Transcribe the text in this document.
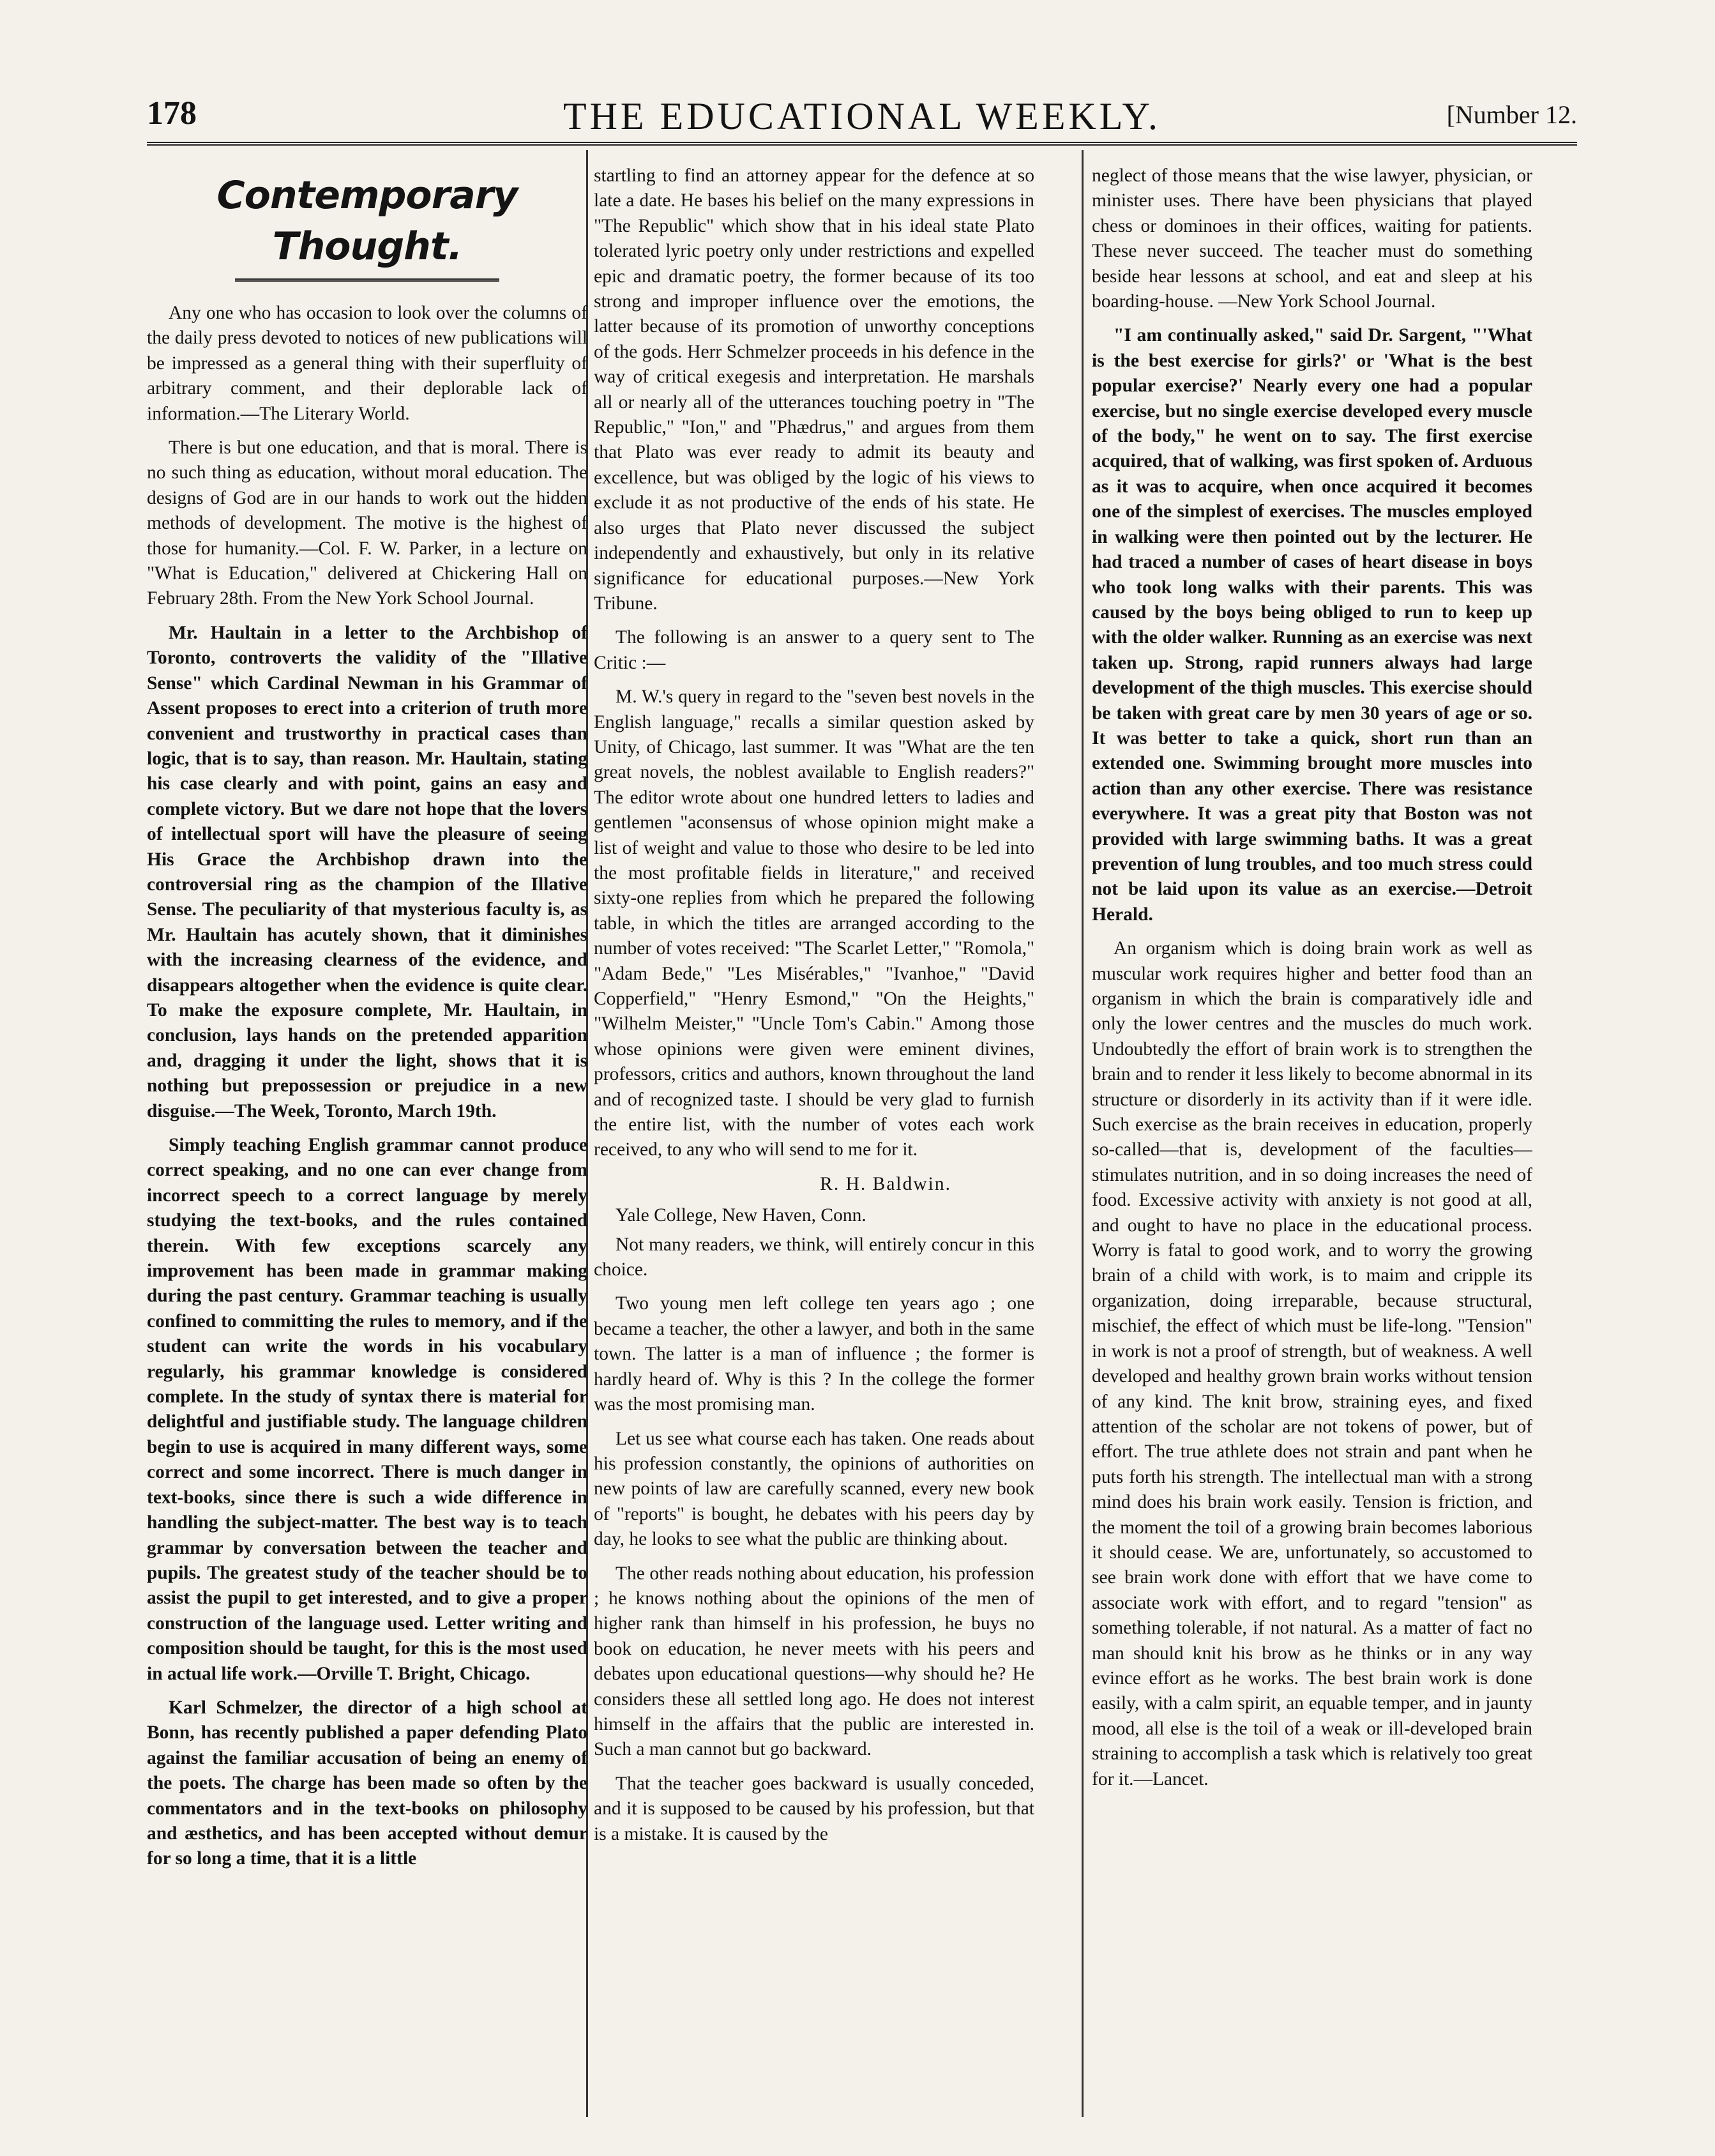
178	THE EDUCATIONAL WEEKLY.	[Number 12.
Contemporary Thought.

Any one who has occasion to look over the columns of the daily press devoted to notices of new publications will be impressed as a general thing with their superfluity of arbitrary comment, and their deplorable lack of information.—The Literary World.

There is but one education, and that is moral. There is no such thing as education, without moral education. The designs of God are in our hands to work out the hidden methods of development. The motive is the highest of those for humanity.—Col. F. W. Parker, in a lecture on "What is Education," delivered at Chickering Hall on February 28th. From the New York School Journal.

Mr. Haultain in a letter to the Archbishop of Toronto, controverts the validity of the "Illative Sense" which Cardinal Newman in his Grammar of Assent proposes to erect into a criterion of truth more convenient and trustworthy in practical cases than logic, that is to say, than reason. Mr. Haultain, stating his case clearly and with point, gains an easy and complete victory. But we dare not hope that the lovers of intellectual sport will have the pleasure of seeing His Grace the Archbishop drawn into the controversial ring as the champion of the Illative Sense. The peculiarity of that mysterious faculty is, as Mr. Haultain has acutely shown, that it diminishes with the increasing clearness of the evidence, and disappears altogether when the evidence is quite clear. To make the exposure complete, Mr. Haultain, in conclusion, lays hands on the pretended apparition and, dragging it under the light, shows that it is nothing but prepossession or prejudice in a new disguise.—The Week, Toronto, March 19th.

Simply teaching English grammar cannot produce correct speaking, and no one can ever change from incorrect speech to a correct language by merely studying the text-books, and the rules contained therein. With few exceptions scarcely any improvement has been made in grammar making during the past century. Grammar teaching is usually confined to committing the rules to memory, and if the student can write the words in his vocabulary regularly, his grammar knowledge is considered complete. In the study of syntax there is material for delightful and justifiable study. The language children begin to use is acquired in many different ways, some correct and some incorrect. There is much danger in text-books, since there is such a wide difference in handling the subject-matter. The best way is to teach grammar by conversation between the teacher and pupils. The greatest study of the teacher should be to assist the pupil to get interested, and to give a proper construction of the language used. Letter writing and composition should be taught, for this is the most used in actual life work.—Orville T. Bright, Chicago.

Karl Schmelzer, the director of a high school at Bonn, has recently published a paper defending Plato against the familiar accusation of being an enemy of the poets. The charge has been made so often by the commentators and in the text-books on philosophy and æsthetics, and has been accepted without demur for so long a time, that it is a little

startling to find an attorney appear for the defence at so late a date. He bases his belief on the many expressions in "The Republic" which show that in his ideal state Plato tolerated lyric poetry only under restrictions and expelled epic and dramatic poetry, the former because of its too strong and improper influence over the emotions, the latter because of its promotion of unworthy conceptions of the gods. Herr Schmelzer proceeds in his defence in the way of critical exegesis and interpretation. He marshals all or nearly all of the utterances touching poetry in "The Republic," "Ion," and "Phædrus," and argues from them that Plato was ever ready to admit its beauty and excellence, but was obliged by the logic of his views to exclude it as not productive of the ends of his state. He also urges that Plato never discussed the subject independently and exhaustively, but only in its relative significance for educational purposes.—New York Tribune.

The following is an answer to a query sent to The Critic :—

M. W.'s query in regard to the "seven best novels in the English language," recalls a similar question asked by Unity, of Chicago, last summer. It was "What are the ten great novels, the noblest available to English readers?" The editor wrote about one hundred letters to ladies and gentlemen "aconsensus of whose opinion might make a list of weight and value to those who desire to be led into the most profitable fields in literature," and received sixty-one replies from which he prepared the following table, in which the titles are arranged according to the number of votes received: "The Scarlet Letter," "Romola," "Adam Bede," "Les Misérables," "Ivanhoe," "David Copperfield," "Henry Esmond," "On the Heights," "Wilhelm Meister," "Uncle Tom's Cabin." Among those whose opinions were given were eminent divines, professors, critics and authors, known throughout the land and of recognized taste. I should be very glad to furnish the entire list, with the number of votes each work received, to any who will send to me for it.

R. H. Baldwin.

Yale College, New Haven, Conn.

Not many readers, we think, will entirely concur in this choice.

Two young men left college ten years ago ; one became a teacher, the other a lawyer, and both in the same town. The latter is a man of influence ; the former is hardly heard of. Why is this ? In the college the former was the most promising man.

Let us see what course each has taken. One reads about his profession constantly, the opinions of authorities on new points of law are carefully scanned, every new book of "reports" is bought, he debates with his peers day by day, he looks to see what the public are thinking about.

The other reads nothing about education, his profession ; he knows nothing about the opinions of the men of higher rank than himself in his profession, he buys no book on education, he never meets with his peers and debates upon educational questions—why should he? He considers these all settled long ago. He does not interest himself in the affairs that the public are interested in. Such a man cannot but go backward.

That the teacher goes backward is usually conceded, and it is supposed to be caused by his profession, but that is a mistake. It is caused by the

neglect of those means that the wise lawyer, physician, or minister uses. There have been physicians that played chess or dominoes in their offices, waiting for patients. These never succeed. The teacher must do something beside hear lessons at school, and eat and sleep at his boarding-house. —New York School Journal.

"I am continually asked," said Dr. Sargent, "'What is the best exercise for girls?' or 'What is the best popular exercise?' Nearly every one had a popular exercise, but no single exercise developed every muscle of the body," he went on to say. The first exercise acquired, that of walking, was first spoken of. Arduous as it was to acquire, when once acquired it becomes one of the simplest of exercises. The muscles employed in walking were then pointed out by the lecturer. He had traced a number of cases of heart disease in boys who took long walks with their parents. This was caused by the boys being obliged to run to keep up with the older walker. Running as an exercise was next taken up. Strong, rapid runners always had large development of the thigh muscles. This exercise should be taken with great care by men 30 years of age or so. It was better to take a quick, short run than an extended one. Swimming brought more muscles into action than any other exercise. There was resistance everywhere. It was a great pity that Boston was not provided with large swimming baths. It was a great prevention of lung troubles, and too much stress could not be laid upon its value as an exercise.—Detroit Herald.

An organism which is doing brain work as well as muscular work requires higher and better food than an organism in which the brain is comparatively idle and only the lower centres and the muscles do much work. Undoubtedly the effort of brain work is to strengthen the brain and to render it less likely to become abnormal in its structure or disorderly in its activity than if it were idle. Such exercise as the brain receives in education, properly so-called—that is, development of the faculties—stimulates nutrition, and in so doing increases the need of food. Excessive activity with anxiety is not good at all, and ought to have no place in the educational process. Worry is fatal to good work, and to worry the growing brain of a child with work, is to maim and cripple its organization, doing irreparable, because structural, mischief, the effect of which must be life-long. "Tension" in work is not a proof of strength, but of weakness. A well developed and healthy grown brain works without tension of any kind. The knit brow, straining eyes, and fixed attention of the scholar are not tokens of power, but of effort. The true athlete does not strain and pant when he puts forth his strength. The intellectual man with a strong mind does his brain work easily. Tension is friction, and the moment the toil of a growing brain becomes laborious it should cease. We are, unfortunately, so accustomed to see brain work done with effort that we have come to associate work with effort, and to regard "tension" as something tolerable, if not natural. As a matter of fact no man should knit his brow as he thinks or in any way evince effort as he works. The best brain work is done easily, with a calm spirit, an equable temper, and in jaunty mood, all else is the toil of a weak or ill-developed brain straining to accomplish a task which is relatively too great for it.—Lancet.
